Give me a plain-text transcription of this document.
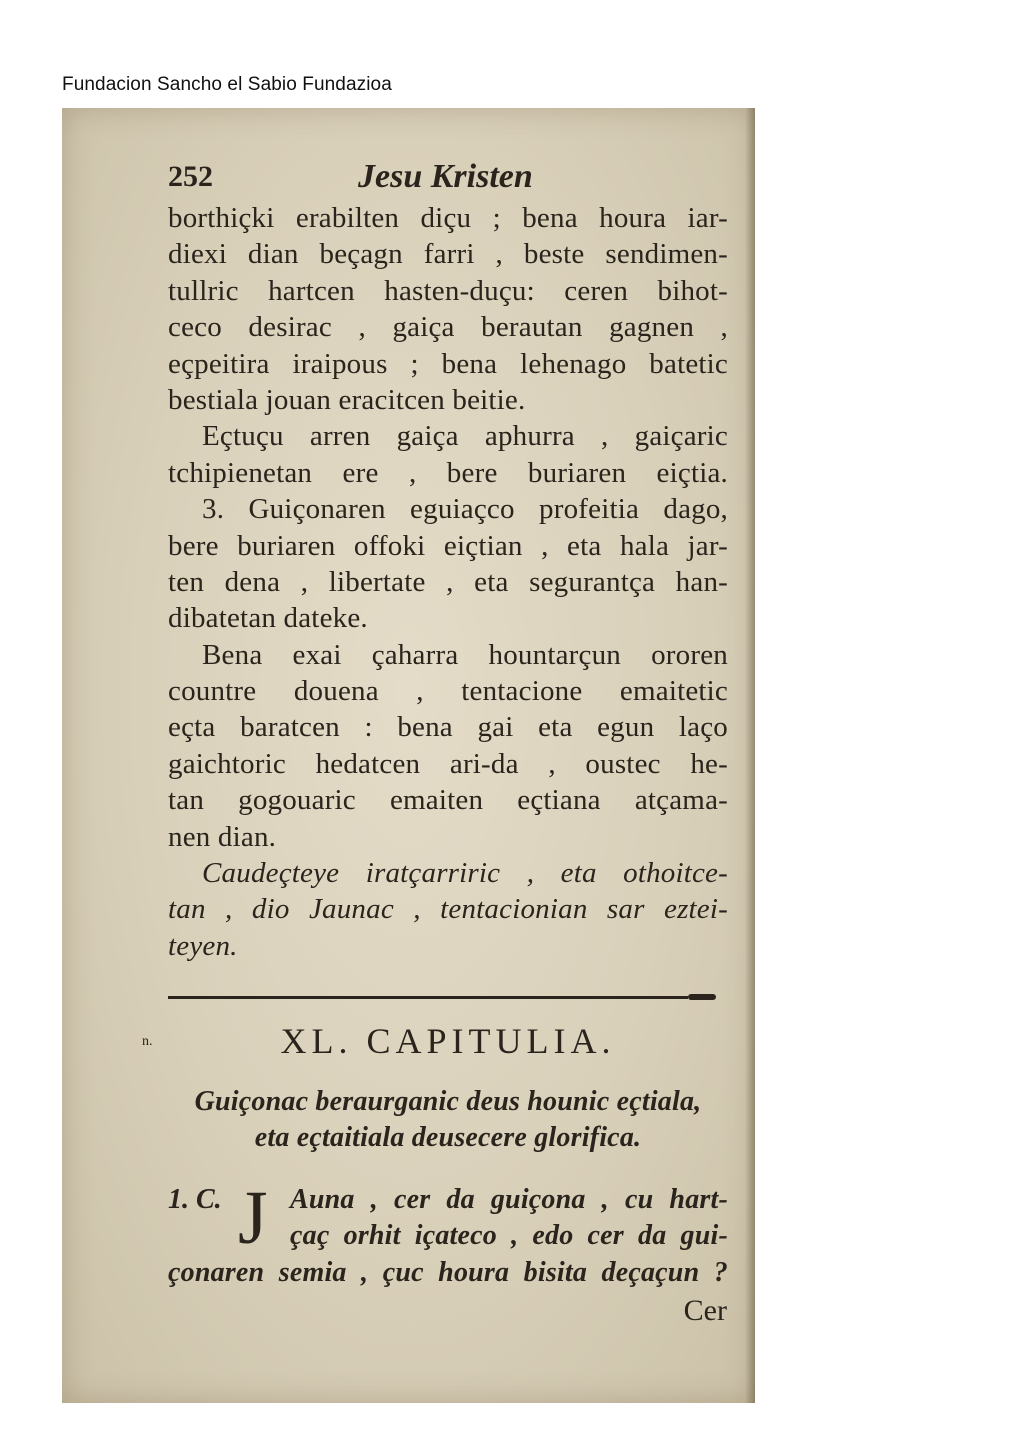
Fundacion Sancho el Sabio Fundazioa
252	Jesu Kristen
borthiçki erabilten diçu ; bena houra iar-
diexi dian beçagn farri , beste sendimen-
tullric hartcen hasten-duçu: ceren bihot-
ceco desirac , gaiça berautan gagnen ,
eçpeitira iraipous ; bena lehenago batetic
bestiala jouan eracitcen beitie.
Eçtuçu arren gaiça aphurra , gaiçaric
tchipienetan ere , bere buriaren eiçtia.
3. Guiçonaren eguiaçco profeitia dago,
bere buriaren offoki eiçtian , eta hala jar-
ten dena , libertate , eta segurantça han-
dibatetan dateke.
Bena exai çaharra hountarçun ororen
countre douena , tentacione emaitetic
eçta baratcen : bena gai eta egun laço
gaichtoric hedatcen ari-da , oustec he-
tan gogouaric emaiten eçtiana atçama-
nen dian.
Caudeçteye iratçarriric , eta othoitce-
tan , dio Jaunac , tentacionian sar eztei-
teyen.
n.	XL. CAPITULIA.
Guiçonac beraurganic deus hounic eçtiala,
eta eçtaitiala deusecere glorifica.
Auna , cer da guiçona , cu hart-
çaç orhit içateco , edo cer da gui-
çonaren semia , çuc houra bisita deçaçun ?
1. C. J
Cer
